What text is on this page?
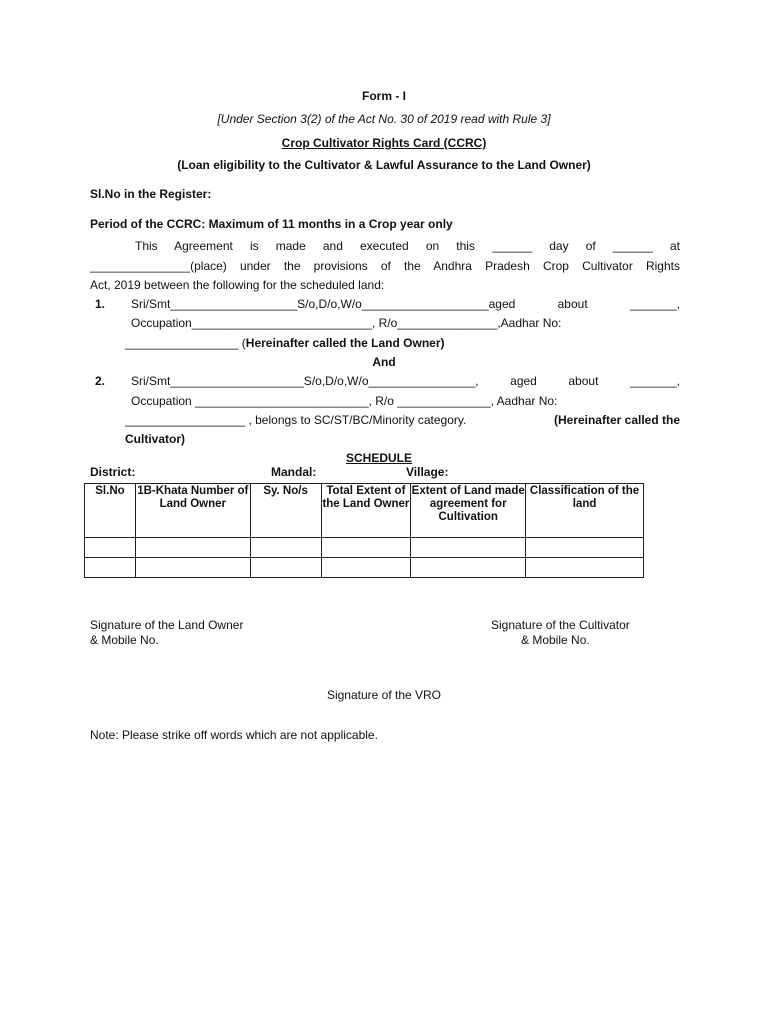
Form - I
[Under Section 3(2) of the Act No. 30 of 2019 read with Rule 3]
Crop Cultivator Rights Card (CCRC)
(Loan eligibility to the Cultivator & Lawful Assurance to the Land Owner)
Sl.No in the Register:
Period of the CCRC: Maximum of 11 months in a Crop year only
This Agreement is made and executed on this ______ day of ______ at
_______________(place) under the provisions of the Andhra Pradesh Crop Cultivator Rights
Act, 2019 between the following for the scheduled land:
1. Sri/Smt___________________S/o,D/o,W/o___________________aged about _______,
Occupation___________________________, R/o_______________,Aadhar No:
_________________ (Hereinafter called the Land Owner)
And
2. Sri/Smt____________________S/o,D/o,W/o________________, aged about _______,
Occupation __________________________, R/o ______________, Aadhar No:
__________________ , belongs to SC/ST/BC/Minority category.	(Hereinafter called the
Cultivator)
SCHEDULE
District:	Mandal:	Village:
Sl.No	1B-Khata Number of Land Owner	Sy. No/s	Total Extent of the Land Owner	Extent of Land made agreement for Cultivation	Classification of the land

Signature of the Land Owner
& Mobile No.
Signature of the Cultivator
& Mobile No.
Signature of the VRO
Note: Please strike off words which are not applicable.
